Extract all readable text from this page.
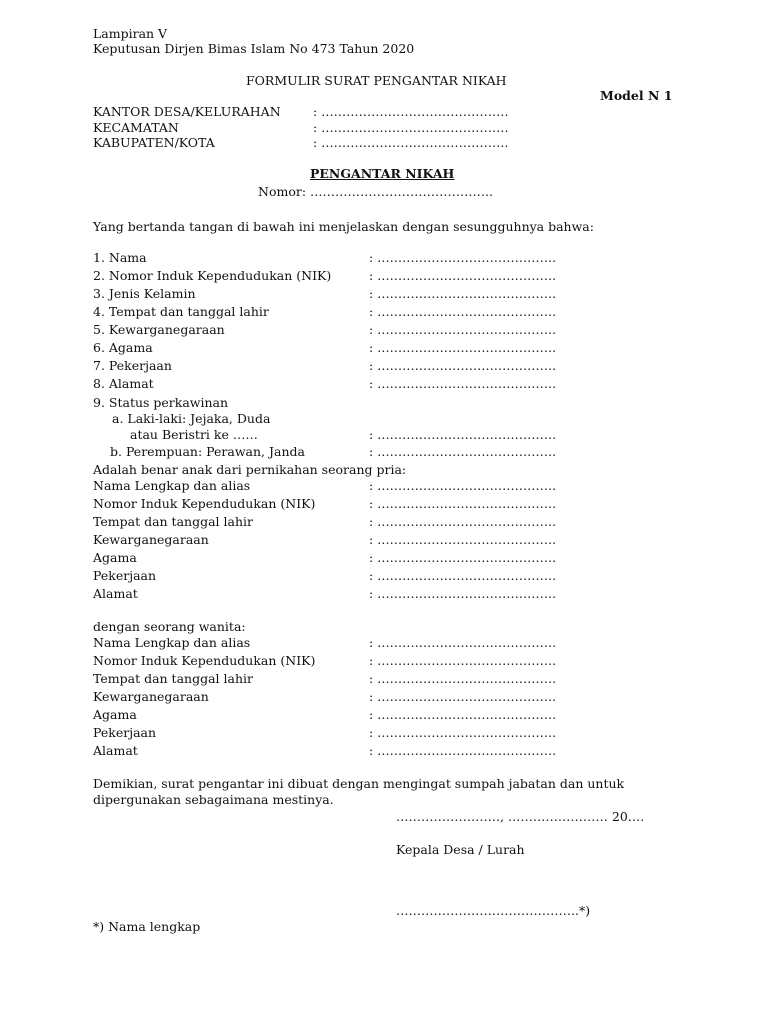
Lampiran V
Keputusan Dirjen Bimas Islam No 473 Tahun 2020
FORMULIR SURAT PENGANTAR NIKAH
Model N 1
KANTOR DESA/KELURAHAN	: ………………………………………
KECAMATAN	: ………………………………………
KABUPATEN/KOTA	: ………………………………………
PENGANTAR NIKAH
Nomor: ……………………………………..
Yang bertanda tangan di bawah ini menjelaskan dengan sesungguhnya bahwa:
1. Nama	: …………………………………….
2. Nomor Induk Kependudukan (NIK)	: …………………………………….
3. Jenis Kelamin	: …………………………………….
4. Tempat dan tanggal lahir	: …………………………………….
5. Kewarganegaraan	: …………………………………….
6. Agama	: …………………………………….
7. Pekerjaan	: …………………………………….
8. Alamat	: …………………………………….
9. Status perkawinan
a. Laki-laki: Jejaka, Duda
atau Beristri ke ……	: …………………………………….
b. Perempuan: Perawan, Janda	: …………………………………….
Adalah benar anak dari pernikahan seorang pria:
Nama Lengkap dan alias	: …………………………………….
Nomor Induk Kependudukan (NIK)	: …………………………………….
Tempat dan tanggal lahir	: …………………………………….
Kewarganegaraan	: …………………………………….
Agama	: …………………………………….
Pekerjaan	: …………………………………….
Alamat	: …………………………………….
dengan seorang wanita:
Nama Lengkap dan alias	: …………………………………….
Nomor Induk Kependudukan (NIK)	: …………………………………….
Tempat dan tanggal lahir	: …………………………………….
Kewarganegaraan	: …………………………………….
Agama	: …………………………………….
Pekerjaan	: …………………………………….
Alamat	: …………………………………….
Demikian, surat pengantar ini dibuat dengan mengingat sumpah jabatan dan untuk
dipergunakan sebagaimana mestinya.
……………………., …………………… 20….
Kepala Desa / Lurah
……………………………………..*)
*) Nama lengkap
